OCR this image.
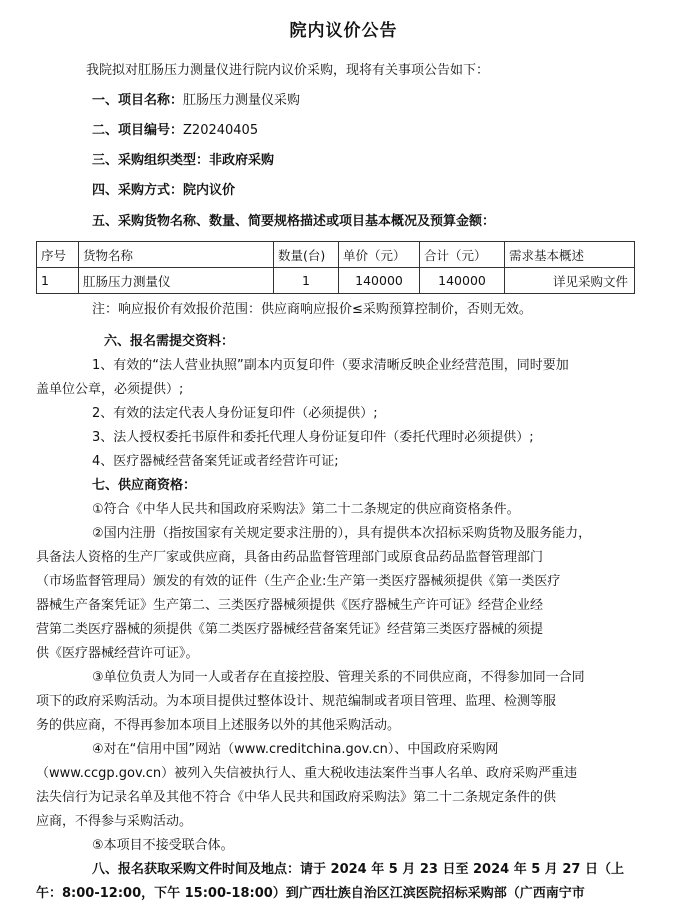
院内议价公告
我院拟对肛肠压力测量仪进行院内议价采购，现将有关事项公告如下：
一、项目名称：肛肠压力测量仪采购
二、项目编号：Z20240405
三、采购组织类型：非政府采购
四、采购方式：院内议价
五、采购货物名称、数量、简要规格描述或项目基本概况及预算金额：
序号	货物名称	数量(台)	单价（元）	合计（元）	需求基本概述
1	肛肠压力测量仪	1	140000	140000	详见采购文件
注：响应报价有效报价范围：供应商响应报价≤采购预算控制价，否则无效。
六、报名需提交资料：
1、有效的“法人营业执照”副本内页复印件（要求清晰反映企业经营范围，同时要加
盖单位公章，必须提供）;
2、有效的法定代表人身份证复印件（必须提供）;
3、法人授权委托书原件和委托代理人身份证复印件（委托代理时必须提供）;
4、医疗器械经营备案凭证或者经营许可证;
七、供应商资格：
①符合《中华人民共和国政府采购法》第二十二条规定的供应商资格条件。
②国内注册（指按国家有关规定要求注册的），具有提供本次招标采购货物及服务能力，
具备法人资格的生产厂家或供应商，具备由药品监督管理部门或原食品药品监督管理部门
（市场监督管理局）颁发的有效的证件（生产企业:生产第一类医疗器械须提供《第一类医疗
器械生产备案凭证》生产第二、三类医疗器械须提供《医疗器械生产许可证》经营企业经
营第二类医疗器械的须提供《第二类医疗器械经营备案凭证》经营第三类医疗器械的须提
供《医疗器械经营许可证》。
③单位负责人为同一人或者存在直接控股、管理关系的不同供应商，不得参加同一合同
项下的政府采购活动。为本项目提供过整体设计、规范编制或者项目管理、监理、检测等服
务的供应商，不得再参加本项目上述服务以外的其他采购活动。
④对在“信用中国”网站（www.creditchina.gov.cn）、中国政府采购网
（www.ccgp.gov.cn）被列入失信被执行人、重大税收违法案件当事人名单、政府采购严重违
法失信行为记录名单及其他不符合《中华人民共和国政府采购法》第二十二条规定条件的供
应商，不得参与采购活动。
⑤本项目不接受联合体。
八、报名获取采购文件时间及地点：请于 2024 年 5 月 23 日至 2024 年 5 月 27 日（上
午：8:00-12:00，下午 15:00-18:00）到广西壮族自治区江滨医院招标采购部（广西南宁市
